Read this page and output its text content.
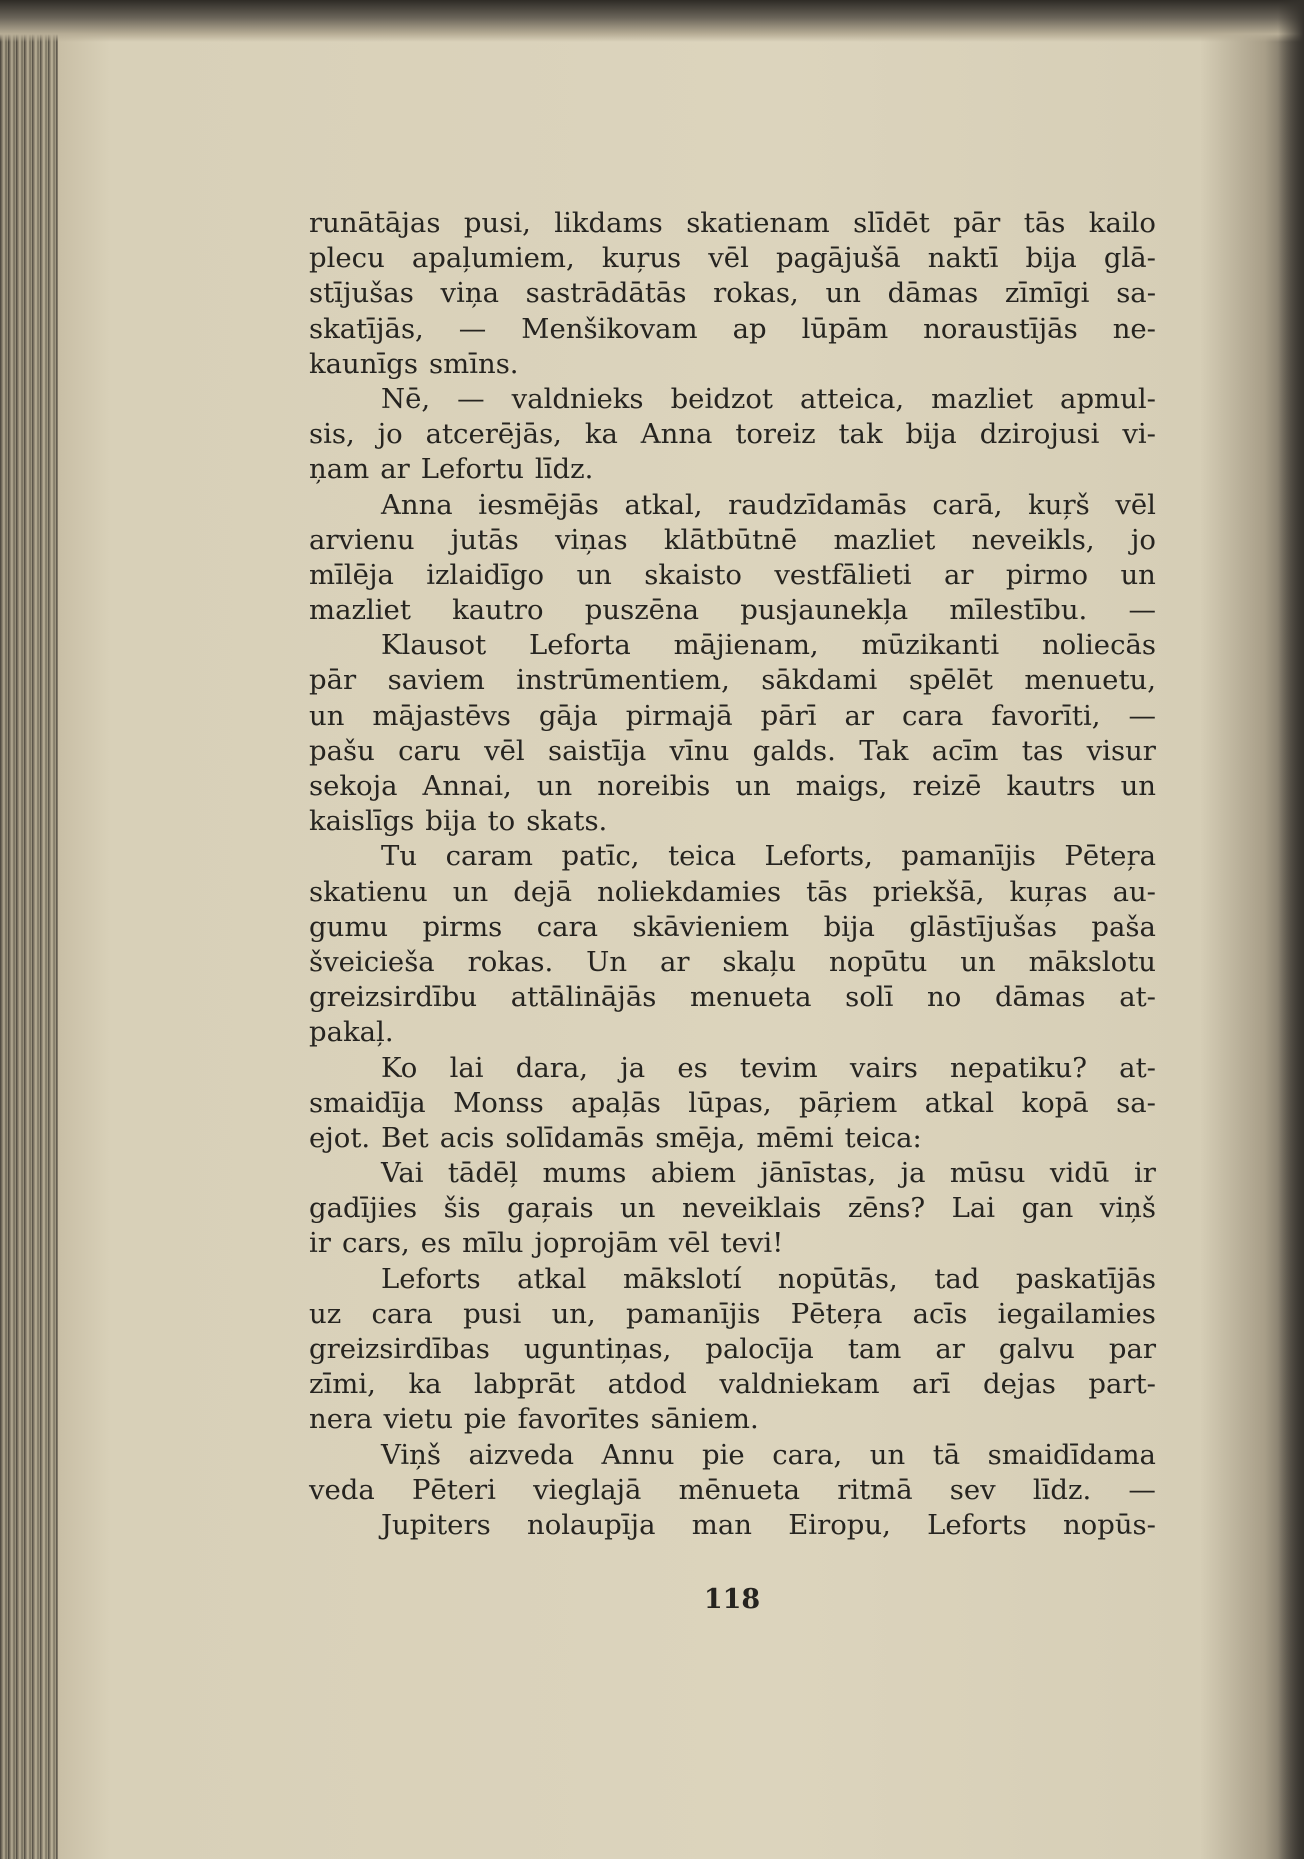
runātājas pusi, likdams skatienam slīdēt pār tās kailo
plecu apaļumiem, kuŗus vēl pagājušā naktī bija glā-
stījušas viņa sastrādātās rokas, un dāmas zīmīgi sa-
skatījās, — Menšikovam ap lūpām noraustījās ne-
kaunīgs smīns.
Nē, — valdnieks beidzot atteica, mazliet apmul-
sis, jo atcerējās, ka Anna toreiz tak bija dzirojusi vi-
ņam ar Lefortu līdz.
Anna iesmējās atkal, raudzīdamās carā, kuŗš vēl
arvienu jutās viņas klātbūtnē mazliet neveikls, jo
mīlēja izlaidīgo un skaisto vestfālieti ar pirmo un
mazliet kautro puszēna pusjaunekļa mīlestību. —
Klausot Leforta mājienam, mūzikanti noliecās
pār saviem instrūmentiem, sākdami spēlēt menuetu,
un mājastēvs gāja pirmajā pārī ar cara favorīti, —
pašu caru vēl saistīja vīnu galds. Tak acīm tas visur
sekoja Annai, un noreibis un maigs, reizē kautrs un
kaislīgs bija to skats.
Tu caram patīc, teica Leforts, pamanījis Pēteŗa
skatienu un dejā noliekdamies tās priekšā, kuŗas au-
gumu pirms cara skāvieniem bija glāstījušas paša
šveicieša rokas. Un ar skaļu nopūtu un mākslotu
greizsirdību attālinājās menueta solī no dāmas at-
pakaļ.
Ko lai dara, ja es tevim vairs nepatiku? at-
smaidīja Monss apaļās lūpas, pāŗiem atkal kopā sa-
ejot. Bet acis solīdamās smēja, mēmi teica:
Vai tādēļ mums abiem jānīstas, ja mūsu vidū ir
gadījies šis gaŗais un neveiklais zēns? Lai gan viņš
ir cars, es mīlu joprojām vēl tevi!
Leforts atkal mākslotí nopūtās, tad paskatījās
uz cara pusi un, pamanījis Pēteŗa acīs iegailamies
greizsirdības uguntiņas, palocīja tam ar galvu par
zīmi, ka labprāt atdod valdniekam arī dejas part-
nera vietu pie favorītes sāniem.
Viņš aizveda Annu pie cara, un tā smaidīdama
veda Pēteri vieglajā mēnueta ritmā sev līdz. —
Jupiters nolaupīja man Eiropu, Leforts nopūs-
118
